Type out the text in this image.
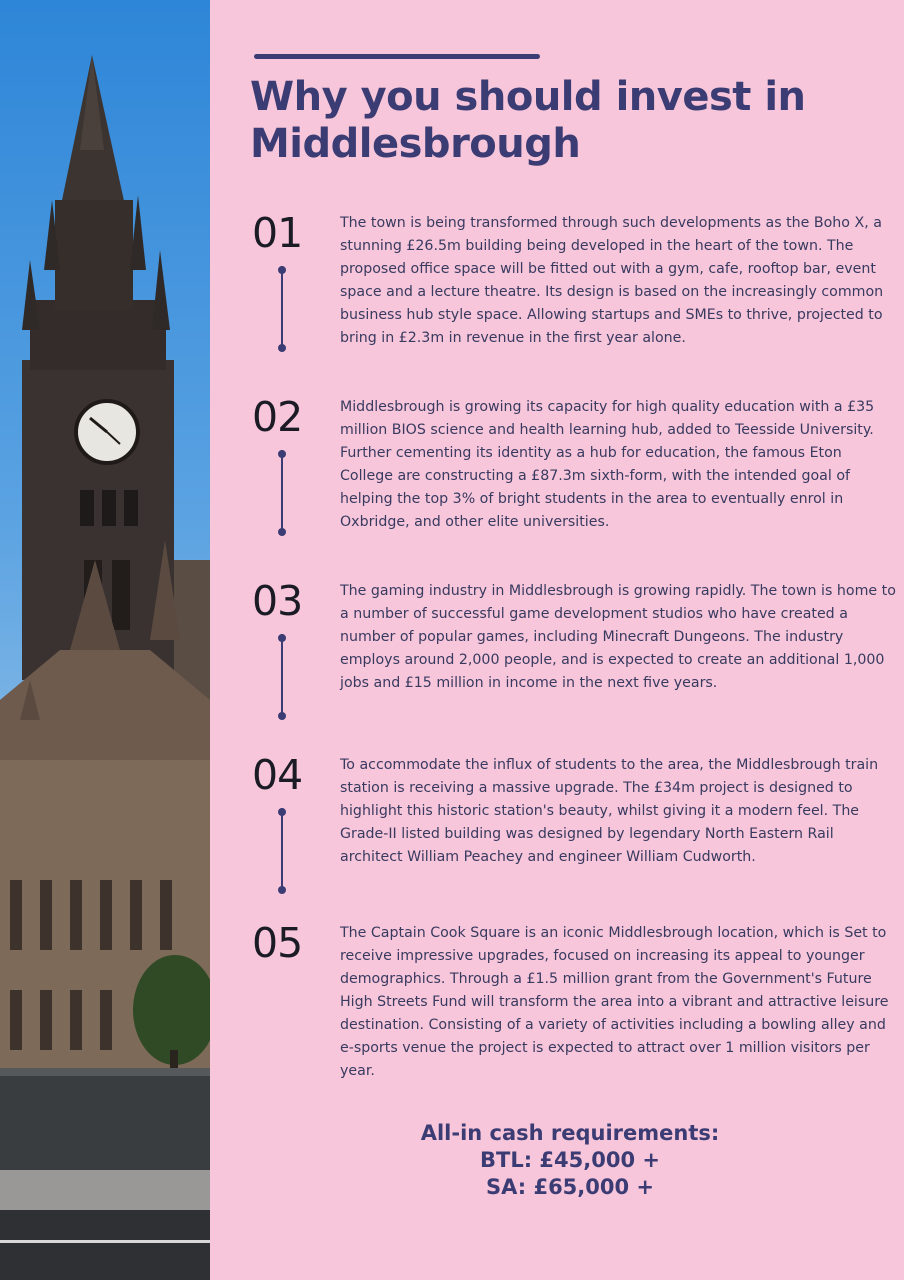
Why you should invest in Middlesbrough
01	The town is being transformed through such developments as the Boho X, a stunning £26.5m building being developed in the heart of the town. The proposed office space will be fitted out with a gym, cafe, rooftop bar, event space and a lecture theatre. Its design is based on the increasingly common business hub style space. Allowing startups and SMEs to thrive, projected to bring in £2.3m in revenue in the first year alone.

02	Middlesbrough is growing its capacity for high quality education with a £35 million BIOS science and health learning hub, added to Teesside University. Further cementing its identity as a hub for education, the famous Eton College are constructing a £87.3m sixth-form, with the intended goal of helping the top 3% of bright students in the area to eventually enrol in Oxbridge, and other elite universities.

03	The gaming industry in Middlesbrough is growing rapidly. The town is home to a number of successful game development studios who have created a number of popular games, including Minecraft Dungeons. The industry employs around 2,000 people, and is expected to create an additional 1,000 jobs and £15 million in income in the next five years.

04	To accommodate the influx of students to the area, the Middlesbrough train station is receiving a massive upgrade. The £34m project is designed to highlight this historic station's beauty, whilst giving it a modern feel. The Grade-II listed building was designed by legendary North Eastern Rail architect William Peachey and engineer William Cudworth.

05	The Captain Cook Square is an iconic Middlesbrough location, which is Set to receive impressive upgrades, focused on increasing its appeal to younger demographics. Through a £1.5 million grant from the Government's Future High Streets Fund will transform the area into a vibrant and attractive leisure destination. Consisting of a variety of activities including a bowling alley and e-sports venue the project is expected to attract over 1 million visitors per year.

All-in cash requirements:
BTL: £45,000 +
SA: £65,000 +
